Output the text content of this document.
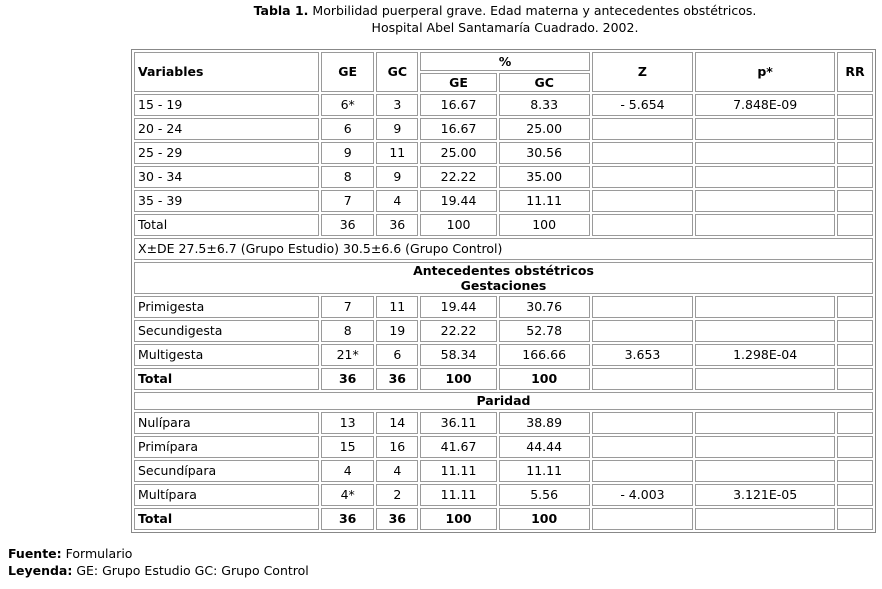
Tabla 1. Morbilidad puerperal grave. Edad materna y antecedentes obstétricos.
Hospital Abel Santamaría Cuadrado. 2002.
Variables	GE	GC	%		Z	p*	RR
			GE	GC			
15 - 19	6*	3	16.67	8.33	- 5.654	7.848E-09	
20 - 24	6	9	16.67	25.00			
25 - 29	9	11	25.00	30.56			
30 - 34	8	9	22.22	35.00			
35 - 39	7	4	19.44	11.11			
Total	36	36	100	100			
X±DE 27.5±6.7 (Grupo Estudio) 30.5±6.6 (Grupo Control)							

Antecedentes obstétricos
Gestaciones							

Primigesta	7	11	19.44	30.76			
Secundigesta	8	19	22.22	52.78			
Multigesta	21*	6	58.34	166.66	3.653	1.298E-04	
Total	36	36	100	100			
Paridad							
Nulípara	13	14	36.11	38.89			
Primípara	15	16	41.67	44.44			
Secundípara	4	4	11.11	11.11			
Multípara	4*	2	11.11	5.56	- 4.003	3.121E-05	
Total	36	36	100	100			
Fuente: Formulario
Leyenda: GE: Grupo Estudio GC: Grupo Control
